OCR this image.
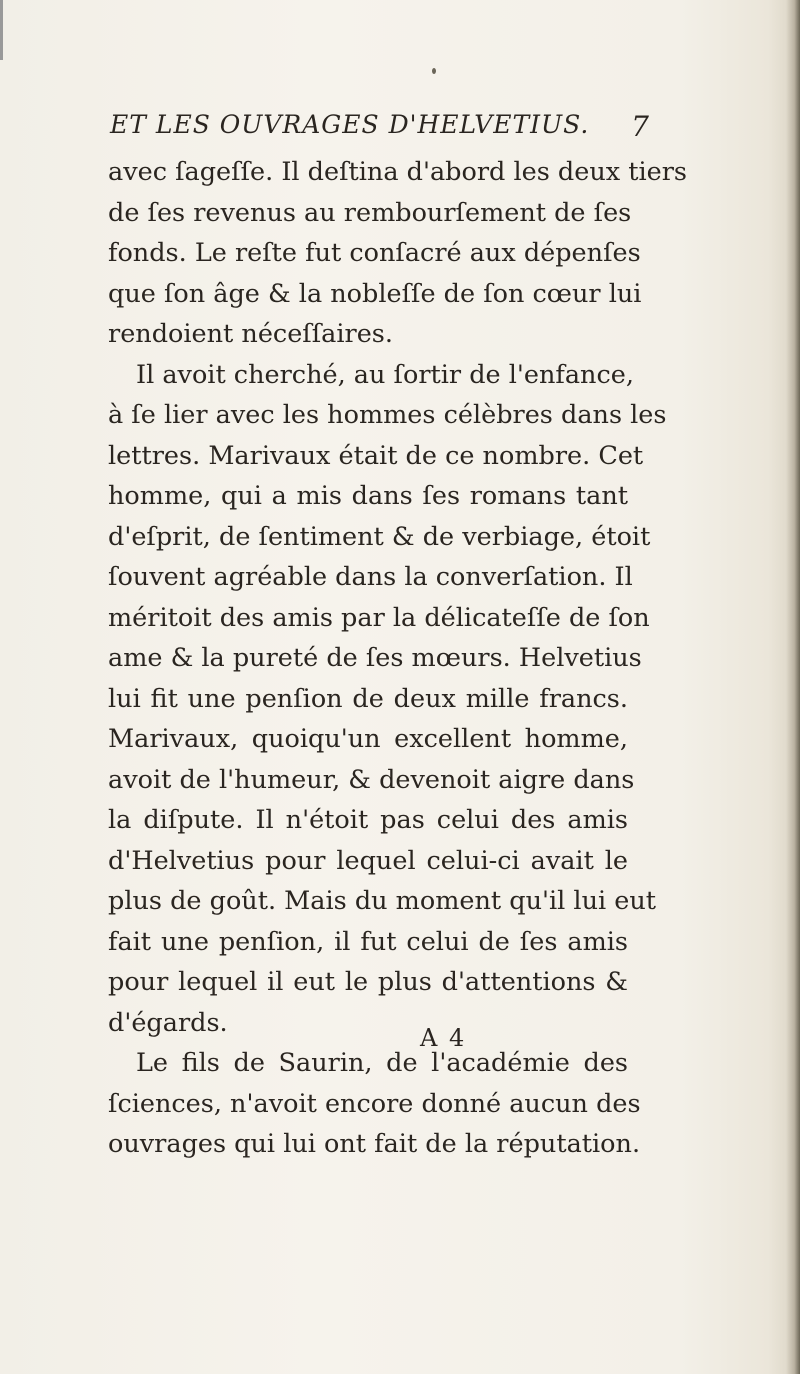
ET LES OUVRAGES D'HELVETIUS. 7
avec ſageſſe. Il deſtina d'abord les deux tiers
de ſes revenus au rembourſement de ſes
fonds. Le reſte fut conſacré aux dépenſes
que ſon âge & la nobleſſe de ſon cœur lui
rendoient néceſſaires.
Il avoit cherché, au ſortir de l'enfance,
à ſe lier avec les hommes célèbres dans les
lettres. Marivaux était de ce nombre. Cet
homme, qui a mis dans ſes romans tant
d'eſprit, de ſentiment & de verbiage, étoit
ſouvent agréable dans la converſation. Il
méritoit des amis par la délicateſſe de ſon
ame & la pureté de ſes mœurs. Helvetius
lui fit une penſion de deux mille francs.
Marivaux, quoiqu'un excellent homme,
avoit de l'humeur, & devenoit aigre dans
la diſpute. Il n'étoit pas celui des amis
d'Helvetius pour lequel celui-ci avait le
plus de goût. Mais du moment qu'il lui eut
fait une penſion, il fut celui de ſes amis
pour lequel il eut le plus d'attentions &
d'égards.
Le fils de Saurin, de l'académie des
ſciences, n'avoit encore donné aucun des
ouvrages qui lui ont fait de la réputation.
A 4
